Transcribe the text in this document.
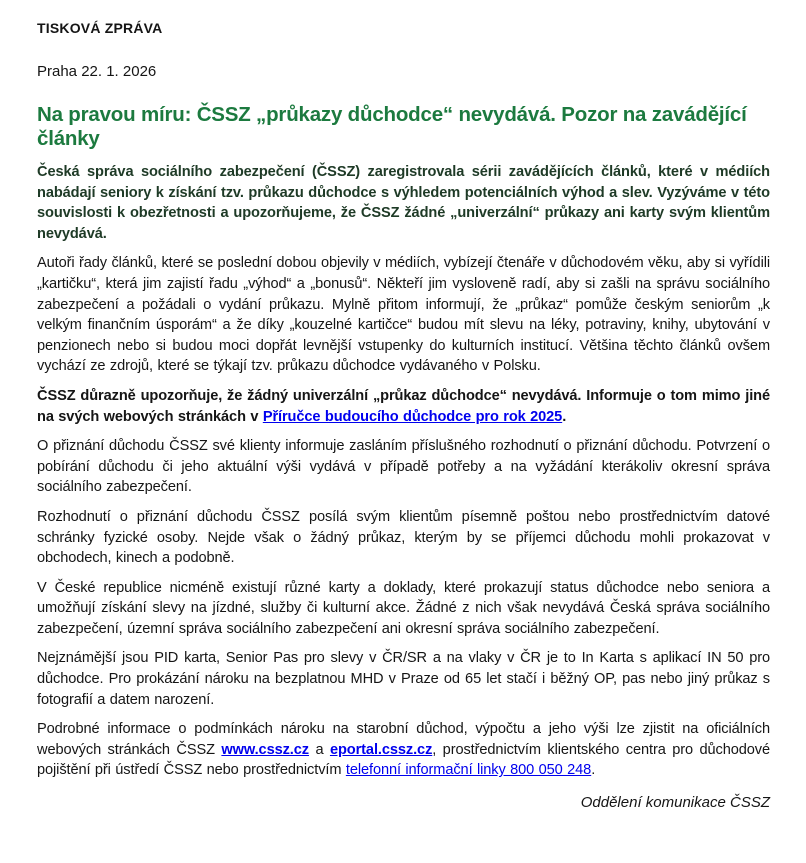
TISKOVÁ ZPRÁVA
Praha 22. 1. 2026
Na pravou míru: ČSSZ „průkazy důchodce“ nevydává. Pozor na zavádějící články

Česká správa sociálního zabezpečení (ČSSZ) zaregistrovala sérii zavádějících článků, které v médiích nabádají seniory k získání tzv. průkazu důchodce s výhledem potenciálních výhod a slev. Vyzýváme v této souvislosti k obezřetnosti a upozorňujeme, že ČSSZ žádné „univerzální“ průkazy ani karty svým klientům nevydává.

Autoři řady článků, které se poslední dobou objevily v médiích, vybízejí čtenáře v důchodovém věku, aby si vyřídili „kartičku“, která jim zajistí řadu „výhod“ a „bonusů“. Někteří jim vysloveně radí, aby si zašli na správu sociálního zabezpečení a požádali o vydání průkazu. Mylně přitom informují, že „průkaz“ pomůže českým seniorům „k velkým finančním úsporám“ a že díky „kouzelné kartičce“ budou mít slevu na léky, potraviny, knihy, ubytování v penzionech nebo si budou moci dopřát levnější vstupenky do kulturních institucí. Většina těchto článků ovšem vychází ze zdrojů, které se týkají tzv. průkazu důchodce vydávaného v Polsku.

ČSSZ důrazně upozorňuje, že žádný univerzální „průkaz důchodce“ nevydává. Informuje o tom mimo jiné na svých webových stránkách v Příručce budoucího důchodce pro rok 2025.

O přiznání důchodu ČSSZ své klienty informuje zasláním příslušného rozhodnutí o přiznání důchodu. Potvrzení o pobírání důchodu či jeho aktuální výši vydává v případě potřeby a na vyžádání kterákoliv okresní správa sociálního zabezpečení.

Rozhodnutí o přiznání důchodu ČSSZ posílá svým klientům písemně poštou nebo prostřednictvím datové schránky fyzické osoby. Nejde však o žádný průkaz, kterým by se příjemci důchodu mohli prokazovat v obchodech, kinech a podobně.

V České republice nicméně existují různé karty a doklady, které prokazují status důchodce nebo seniora a umožňují získání slevy na jízdné, služby či kulturní akce. Žádné z nich však nevydává Česká správa sociálního zabezpečení, územní správa sociálního zabezpečení ani okresní správa sociálního zabezpečení.

Nejznámější jsou PID karta, Senior Pas pro slevy v ČR/SR a na vlaky v ČR je to In Karta s aplikací IN 50 pro důchodce. Pro prokázání nároku na bezplatnou MHD v Praze od 65 let stačí i běžný OP, pas nebo jiný průkaz s fotografií a datem narození.

Podrobné informace o podmínkách nároku na starobní důchod, výpočtu a jeho výši lze zjistit na oficiálních webových stránkách ČSSZ www.cssz.cz a eportal.cssz.cz, prostřednictvím klientského centra pro důchodové pojištění při ústředí ČSSZ nebo prostřednictvím telefonní informační linky 800 050 248.

Oddělení komunikace ČSSZ
